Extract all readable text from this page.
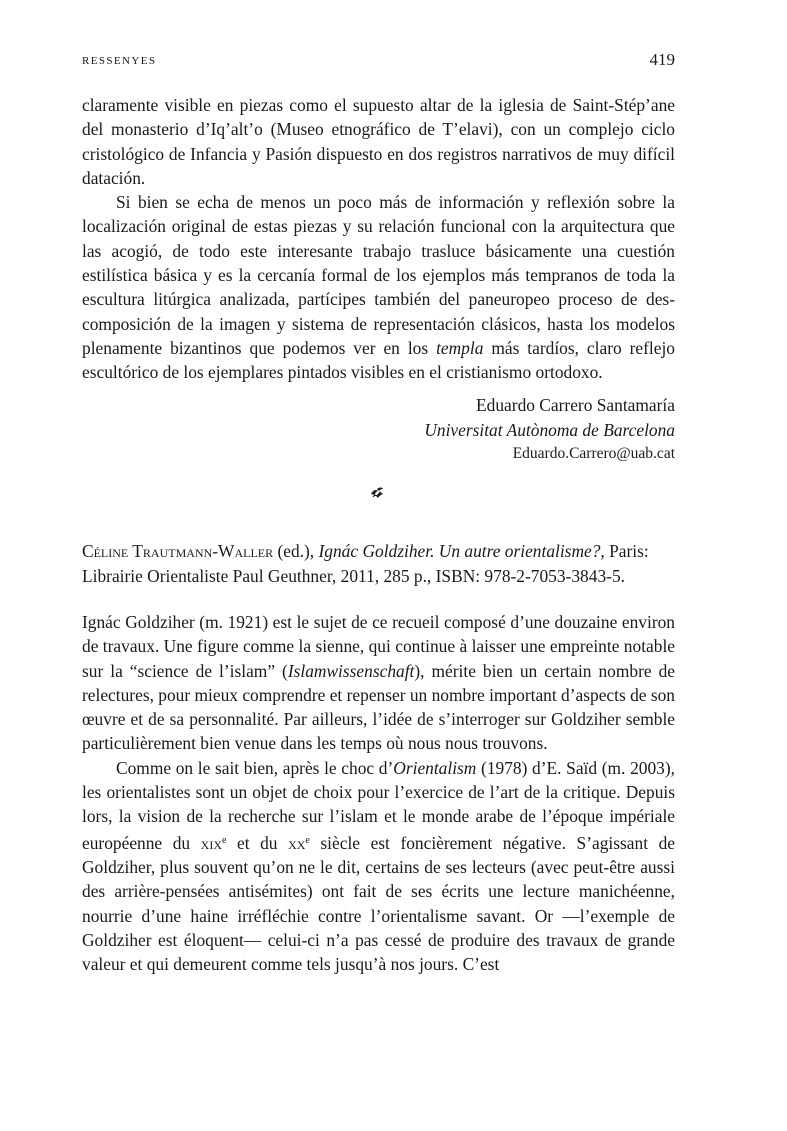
RESSENYES	419

claramente visible en piezas como el supuesto altar de la iglesia de Saint-Stép’ane del monasterio d’Iq’alt’o (Museo etnográfico de T’elavi), con un complejo ciclo cristológico de Infancia y Pasión dispuesto en dos registros narrativos de muy difícil datación.

Si bien se echa de menos un poco más de información y reflexión sobre la localización original de estas piezas y su relación funcional con la arquitectura que las acogió, de todo este interesante trabajo trasluce básicamente una cuestión estilística básica y es la cercanía formal de los ejemplos más tempranos de toda la escultura litúrgica analizada, partícipes también del paneuropeo proceso de descomposición de la imagen y sistema de representación clásicos, hasta los modelos plenamente bizantinos que podemos ver en los templa más tardíos, claro reflejo escultórico de los ejemplares pintados visibles en el cristianismo ortodoxo.

Eduardo Carrero Santamaría
Universitat Autònoma de Barcelona
Eduardo.Carrero@uab.cat
Céline Trautmann-Waller (ed.), Ignác Goldziher. Un autre orientalisme?, Paris: Librairie Orientaliste Paul Geuthner, 2011, 285 p., ISBN: 978-2-7053-3843-5.

Ignác Goldziher (m. 1921) est le sujet de ce recueil composé d’une douzaine environ de travaux. Une figure comme la sienne, qui continue à laisser une empreinte notable sur la “science de l’islam” (Islamwissenschaft), mérite bien un certain nombre de relectures, pour mieux comprendre et repenser un nombre important d’aspects de son œuvre et de sa personnalité. Par ailleurs, l’idée de s’interroger sur Goldziher semble particulièrement bien venue dans les temps où nous nous trouvons.

Comme on le sait bien, après le choc d’Orientalism (1978) d’E. Saïd (m. 2003), les orientalistes sont un objet de choix pour l’exercice de l’art de la critique. Depuis lors, la vision de la recherche sur l’islam et le monde arabe de l’époque impériale européenne du xix$^e$ et du $xx^e$ siècle est foncièrement négative. S’agissant de Goldziher, plus souvent qu’on ne le dit, certains de ses lecteurs (avec peut-être aussi des arrière-pensées antisémites) ont fait de ses écrits une lecture manichéenne, nourrie d’une haine irréfléchie contre l’orientalisme savant. Or —l’exemple de Goldziher est éloquent— celui-ci n’a pas cessé de produire des travaux de grande valeur et qui demeurent comme tels jusqu’à nos jours. C’est
